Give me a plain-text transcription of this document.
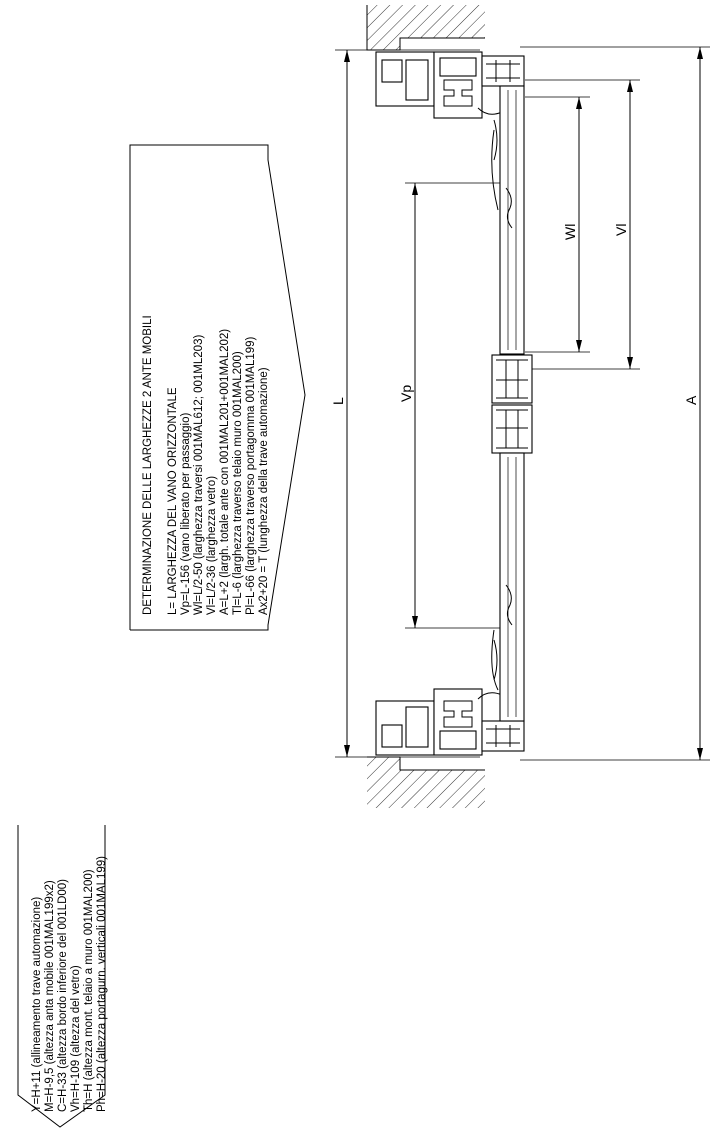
Y=H+11 (allineamento trave automazione) M=H-9,5 (altezza anta mobile 001MAL199x2) C=H-33 (altezza bordo inferiore del 001LD00) Vh=H-109 (altezza del vetro) Th=H (altezza mont. telaio a muro 001MAL200) Ph=H-20 (altezza portagurn. verticali 001MAL199)
DETERMINAZIONE DELLE LARGHEZZE 2 ANTE MOBILI L= LARGHEZZA DEL VANO ORIZZONTALE Vp=L-156 (vano liberato per passaggio) Wl=L/2-50 (larghezza traversi 001MAL612; 001ML203) Vl=L/2-36 (larghezza vetro) A=L+2 (largh. totale ante con 001MAL201+001MAL202) Tl=L-6 (larghezza traverso telaio muro 001MAL200) Pl=L-66 (larghezza traverso portagomma 001MAL199) Ax2+20 = T (lunghezza della trave automazione)	L	Vp
Wl	Vl
A
